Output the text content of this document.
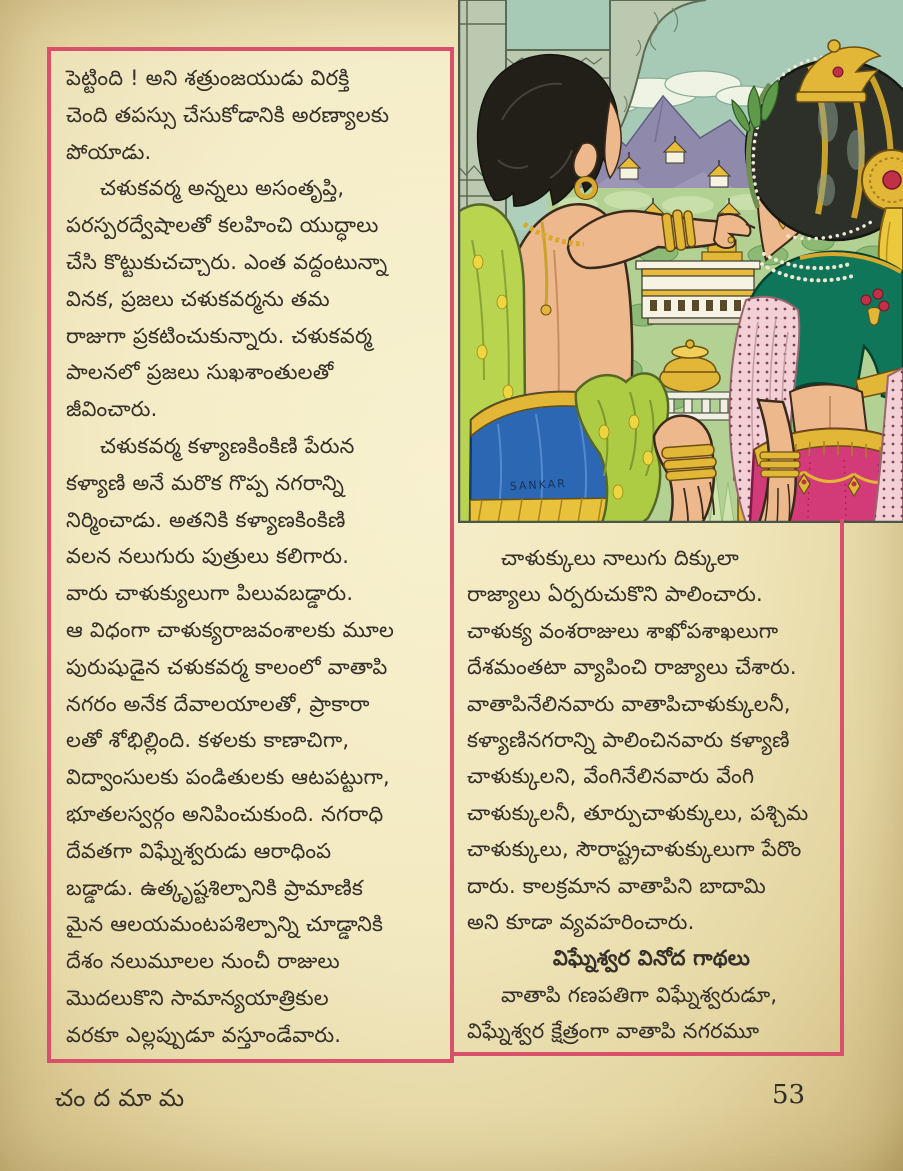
SANKAR
పెట్టింది ! అని శత్రుంజయుడు విరక్తి
చెంది తపస్సు చేసుకోడానికి అరణ్యాలకు
పోయాడు.
చళుకవర్మ అన్నలు అసంతృప్తి,
పరస్పరద్వేషాలతో కలహించి యుద్ధాలు
చేసి కొట్టుకుచచ్చారు. ఎంత వద్దంటున్నా
వినక, ప్రజలు చళుకవర్మను తమ
రాజుగా ప్రకటించుకున్నారు. చళుకవర్మ
పాలనలో ప్రజలు సుఖశాంతులతో
జీవించారు.
చళుకవర్మ కళ్యాణకింకిణి పేరున
కళ్యాణి అనే మరొక గొప్ప నగరాన్ని
నిర్మించాడు. అతనికి కళ్యాణకింకిణి
వలన నలుగురు పుత్రులు కలిగారు.
వారు చాళుక్యులుగా పిలువబడ్డారు.
ఆ విధంగా చాళుక్యరాజవంశాలకు మూల
పురుషుడైన చళుకవర్మ కాలంలో వాతాపి
నగరం అనేక దేవాలయాలతో, ప్రాకారా
లతో శోభిల్లింది. కళలకు కాణాచిగా,
విద్వాంసులకు పండితులకు ఆటపట్టుగా,
భూతలస్వర్గం అనిపించుకుంది. నగరాధి
దేవతగా విఘ్నేశ్వరుడు ఆరాధింప
బడ్డాడు. ఉత్కృష్టశిల్పానికి ప్రామాణిక
మైన ఆలయమంటపశిల్పాన్ని చూడ్డానికి
దేశం నలుమూలల నుంచీ రాజులు
మొదలుకొని సామాన్యయాత్రికుల
వరకూ ఎల్లప్పుడూ వస్తూండేవారు.
చాళుక్కులు నాలుగు దిక్కులా
రాజ్యాలు ఏర్పరుచుకొని పాలించారు.
చాళుక్య వంశరాజులు శాఖోపశాఖలుగా
దేశమంతటా వ్యాపించి రాజ్యాలు చేశారు.
వాతాపినేలినవారు వాతాపిచాళుక్కులనీ,
కళ్యాణినగరాన్ని పాలించినవారు కళ్యాణి
చాళుక్కులని, వేంగినేలినవారు వేంగి
చాళుక్కులనీ, తూర్పుచాళుక్కులు, పశ్చిమ
చాళుక్కులు, సౌరాష్ట్రచాళుక్కులుగా పేరొం
దారు. కాలక్రమాన వాతాపిని బాదామి
అని కూడా వ్యవహరించారు.
విఘ్నేశ్వర వినోద గాథలు
వాతాపి గణపతిగా విఘ్నేశ్వరుడూ,
విఘ్నేశ్వర క్షేత్రంగా వాతాపి నగరమూ
చందమామ	53
